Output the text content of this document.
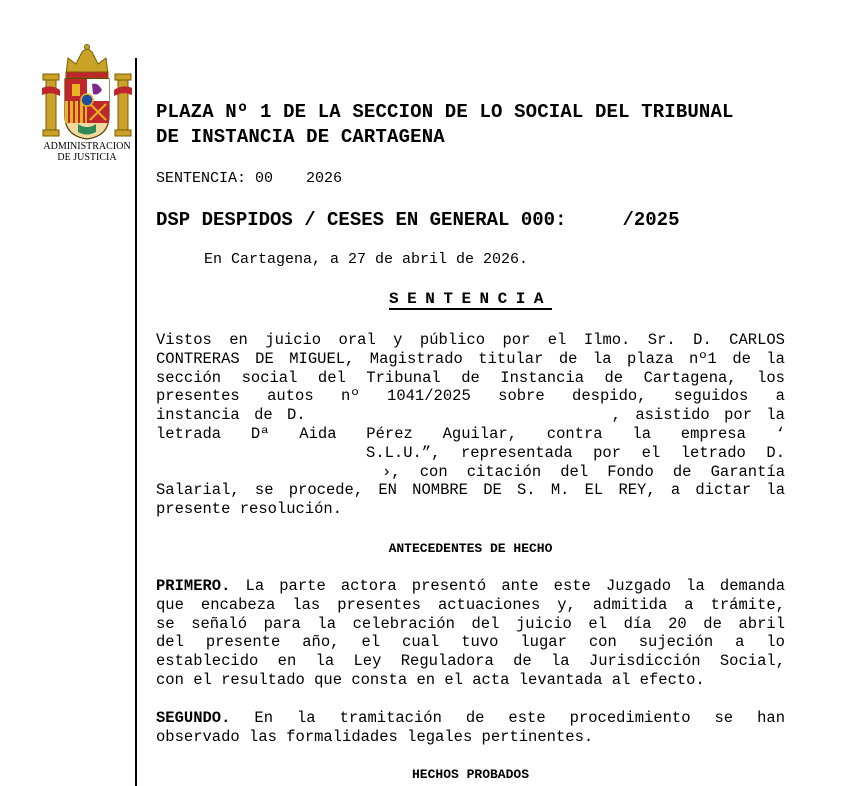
ADMINISTRACION
DE JUSTICIA
PLAZA Nº 1 DE LA SECCION DE LO SOCIAL DEL TRIBUNAL
DE INSTANCIA DE CARTAGENA
SENTENCIA: 00 2026
DSP DESPIDOS / CESES EN GENERAL 000:	/2025
En Cartagena, a 27 de abril de 2026.
SENTENCIA
Vistos en juicio oral y público por el Ilmo. Sr. D. CARLOS
CONTRERAS DE MIGUEL, Magistrado titular de la plaza nº1 de la
sección social del Tribunal de Instancia de Cartagena, los
presentes autos nº 1041/2025 sobre despido, seguidos a
instancia de D.	, asistido por la
letrada Dª Aida Pérez Aguilar, contra la empresa ‘
S.L.U.”, representada por el letrado D.
›, con citación del Fondo de Garantía
Salarial, se procede, EN NOMBRE DE S. M. EL REY, a dictar la
presente resolución.
ANTECEDENTES DE HECHO
PRIMERO. La parte actora presentó ante este Juzgado la demanda
que encabeza las presentes actuaciones y, admitida a trámite,
se señaló para la celebración del juicio el día 20 de abril
del presente año, el cual tuvo lugar con sujeción a lo
establecido en la Ley Reguladora de la Jurisdicción Social,
con el resultado que consta en el acta levantada al efecto.
SEGUNDO. En la tramitación de este procedimiento se han
observado las formalidades legales pertinentes.
HECHOS PROBADOS
